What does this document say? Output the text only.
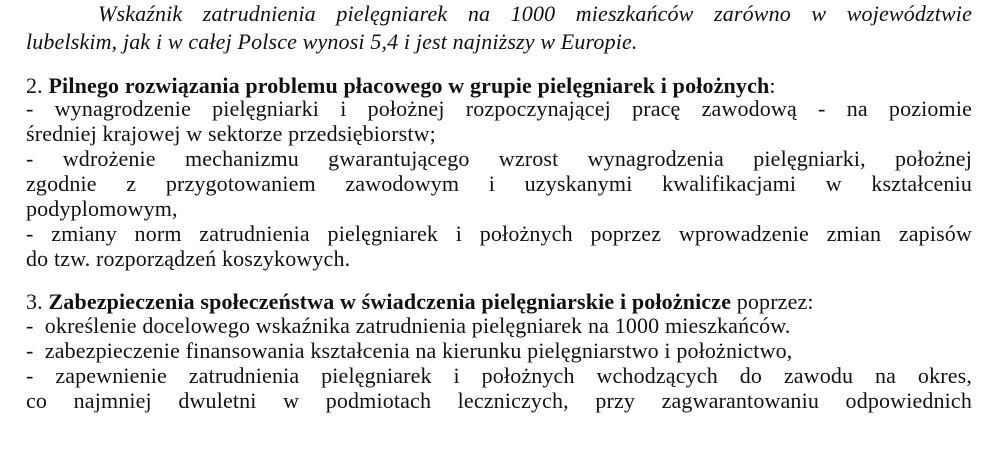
Wskaźnik zatrudnienia pielęgniarek na 1000 mieszkańców zarówno w województwie
lubelskim, jak i w całej Polsce wynosi 5,4 i jest najniższy w Europie.
2. Pilnego rozwiązania problemu płacowego w grupie pielęgniarek i położnych:
- wynagrodzenie pielęgniarki i położnej rozpoczynającej pracę zawodową - na poziomie
średniej krajowej w sektorze przedsiębiorstw;
- wdrożenie mechanizmu gwarantującego wzrost wynagrodzenia pielęgniarki, położnej
zgodnie z przygotowaniem zawodowym i uzyskanymi kwalifikacjami w kształceniu
podyplomowym,
- zmiany norm zatrudnienia pielęgniarek i położnych poprzez wprowadzenie zmian zapisów
do tzw. rozporządzeń koszykowych.
3. Zabezpieczenia społeczeństwa w świadczenia pielęgniarskie i położnicze poprzez:
-  określenie docelowego wskaźnika zatrudnienia pielęgniarek na 1000 mieszkańców.
-  zabezpieczenie finansowania kształcenia na kierunku pielęgniarstwo i położnictwo,
- zapewnienie zatrudnienia pielęgniarek i położnych wchodzących do zawodu na okres,
co najmniej dwuletni w podmiotach leczniczych, przy zagwarantowaniu odpowiednich
